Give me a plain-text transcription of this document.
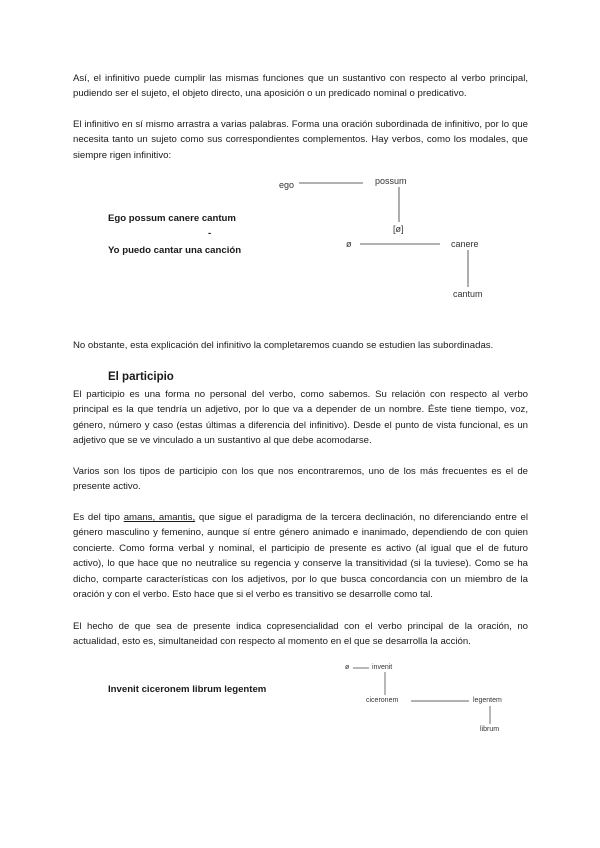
Así, el infinitivo puede cumplir las mismas funciones que un sustantivo con respecto al verbo principal, pudiendo ser el sujeto, el objeto directo, una aposición o un predicado nominal o predicativo.

El infinitivo en sí mismo arrastra a varias palabras. Forma una oración subordinada de infinitivo, por lo que necesita tanto un sujeto como sus correspondientes complementos. Hay verbos, como los modales, que siempre rigen infinitivo:

Ego possum canere cantum

-

Yo puedo cantar una canción

ego	possum
[ø]
ø	canere
cantum

No obstante, esta explicación del infinitivo la completaremos cuando se estudien las subordinadas.

El participio

El participio es una forma no personal del verbo, como sabemos. Su relación con respecto al verbo principal es la que tendría un adjetivo, por lo que va a depender de un nombre. Éste tiene tiempo, voz, género, número y caso (estas últimas a diferencia del infinitivo). Desde el punto de vista funcional, es un adjetivo que se ve vinculado a un sustantivo al que debe acomodarse.

Varios son los tipos de participio con los que nos encontraremos, uno de los más frecuentes es el de presente activo.

Es del tipo amans, amantis, que sigue el paradigma de la tercera declinación, no diferenciando entre el género masculino y femenino, aunque sí entre género animado e inanimado, dependiendo de con quien concierte. Como forma verbal y nominal, el participio de presente es activo (al igual que el de futuro activo), lo que hace que no neutralice su regencia y conserve la transitividad (si la tuviese). Como se ha dicho, comparte características con los adjetivos, por lo que busca concordancia con un miembro de la oración y con el verbo. Esto hace que si el verbo es transitivo se desarrolle como tal.

El hecho de que sea de presente indica copresencialidad con el verbo principal de la oración, no actualidad, esto es, simultaneidad con respecto al momento en el que se desarrolla la acción.

Invenit ciceronem librum legentem

ø	invenit
ciceronem	legentem
librum
